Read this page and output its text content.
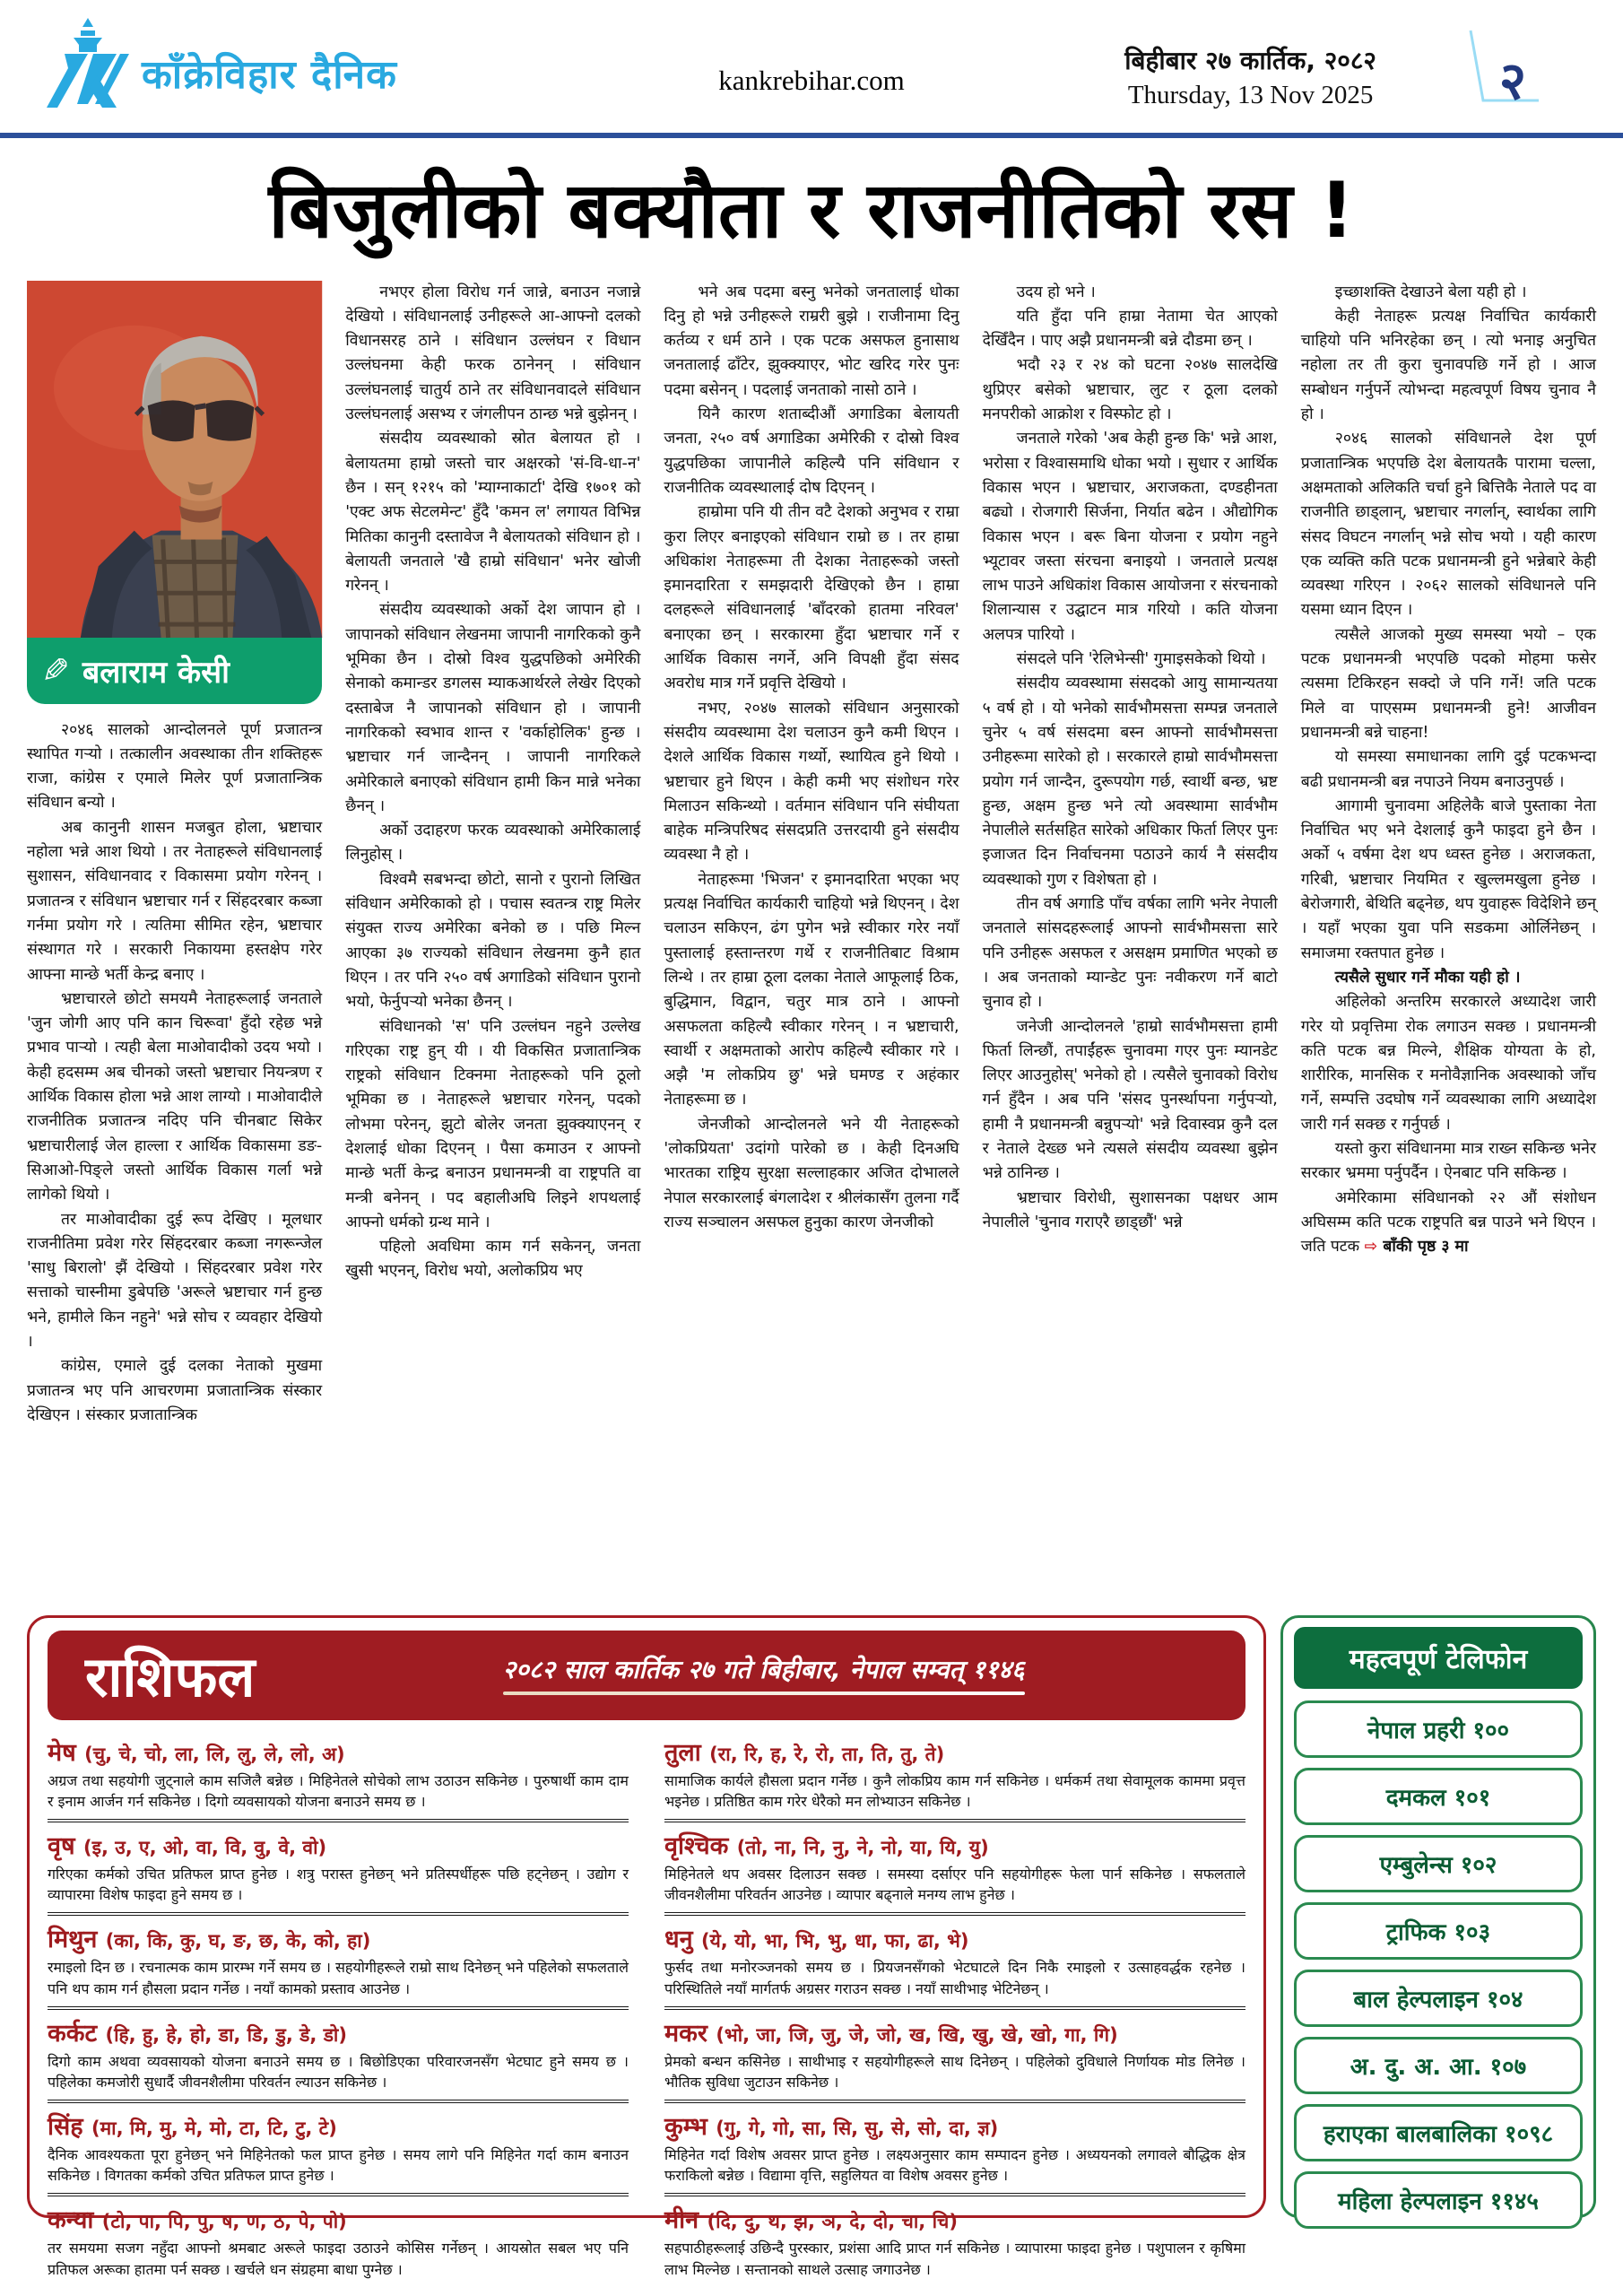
काँक्रेविहार दैनिक	kankrebihar.com
बिहीबार २७ कार्तिक, २०८२
Thursday, 13 Nov 2025 २
बिजुलीको बक्यौता र राजनीतिको रस !
✎ बलाराम केसी

२०४६ सालको आन्दोलनले पूर्ण प्रजातन्त्र स्थापित गऱ्यो । तत्कालीन अवस्थाका तीन शक्तिहरू राजा, कांग्रेस र एमाले मिलेर पूर्ण प्रजातान्त्रिक संविधान बन्यो ।

अब कानुनी शासन मजबुत होला, भ्रष्टाचार नहोला भन्ने आश थियो । तर नेताहरूले संविधानलाई सुशासन, संविधानवाद र विकासमा प्रयोग गरेनन् । प्रजातन्त्र र संविधान भ्रष्टाचार गर्न र सिंहदरबार कब्जा गर्नमा प्रयोग गरे । त्यतिमा सीमित रहेन, भ्रष्टाचार संस्थागत गरे । सरकारी निकायमा हस्तक्षेप गरेर आफ्ना मान्छे भर्ती केन्द्र बनाए ।

भ्रष्टाचारले छोटो समयमै नेताहरूलाई जनताले 'जुन जोगी आए पनि कान चिरूवा' हुँदो रहेछ भन्ने प्रभाव पाऱ्यो । त्यही बेला माओवादीको उदय भयो । केही हदसम्म अब चीनको जस्तो भ्रष्टाचार नियन्त्रण र आर्थिक विकास होला भन्ने आश लाग्यो । माओवादीले राजनीतिक प्रजातन्त्र नदिए पनि चीनबाट सिकेर भ्रष्टाचारीलाई जेल हाल्ला र आर्थिक विकासमा डङ-सिआओ-पिङ्ले जस्तो आर्थिक विकास गर्ला भन्ने लागेको थियो ।

तर माओवादीका दुई रूप देखिए । मूलधार राजनीतिमा प्रवेश गरेर सिंहदरबार कब्जा नगरून्जेल 'साधु बिरालो' झैं देखियो । सिंहदरबार प्रवेश गरेर सत्ताको चास्नीमा डुबेपछि 'अरूले भ्रष्टाचार गर्न हुन्छ भने, हामीले किन नहुने' भन्ने सोच र व्यवहार देखियो ।

कांग्रेस, एमाले दुई दलका नेताको मुखमा प्रजातन्त्र भए पनि आचरणमा प्रजातान्त्रिक संस्कार देखिएन । संस्कार प्रजातान्त्रिक

नभएर होला विरोध गर्न जान्ने, बनाउन नजान्ने देखियो । संविधानलाई उनीहरूले आ-आफ्नो दलको विधानसरह ठाने । संविधान उल्लंघन र विधान उल्लंघनमा केही फरक ठानेनन् । संविधान उल्लंघनलाई चातुर्य ठाने तर संविधानवादले संविधान उल्लंघनलाई असभ्य र जंगलीपन ठान्छ भन्ने बुझेनन् ।

संसदीय व्यवस्थाको स्रोत बेलायत हो । बेलायतमा हाम्रो जस्तो चार अक्षरको 'सं-वि-धा-न' छैन । सन् १२१५ को 'म्याग्नाकार्टा' देखि १७०१ को 'एक्ट अफ सेटलमेन्ट' हुँदै 'कमन ल' लगायत विभिन्न मितिका कानुनी दस्तावेज नै बेलायतको संविधान हो । बेलायती जनताले 'खै हाम्रो संविधान' भनेर खोजी गरेनन् ।

संसदीय व्यवस्थाको अर्को देश जापान हो । जापानको संविधान लेखनमा जापानी नागरिकको कुनै भूमिका छैन । दोस्रो विश्व युद्धपछिको अमेरिकी सेनाको कमान्डर डगलस म्याकआर्थरले लेखेर दिएको दस्ताबेज नै जापानको संविधान हो । जापानी नागरिकको स्वभाव शान्त र 'वर्काहोलिक' हुन्छ । भ्रष्टाचार गर्न जान्दैनन् । जापानी नागरिकले अमेरिकाले बनाएको संविधान हामी किन मान्ने भनेका छैनन् ।

अर्को उदाहरण फरक व्यवस्थाको अमेरिकालाई लिनुहोस् ।

विश्वमै सबभन्दा छोटो, सानो र पुरानो लिखित संविधान अमेरिकाको हो । पचास स्वतन्त्र राष्ट्र मिलेर संयुक्त राज्य अमेरिका बनेको छ । पछि मिल्न आएका ३७ राज्यको संविधान लेखनमा कुनै हात थिएन । तर पनि २५० वर्ष अगाडिको संविधान पुरानो भयो, फेर्नुपऱ्यो भनेका छैनन् ।

संविधानको 'स' पनि उल्लंघन नहुने उल्लेख गरिएका राष्ट्र हुन् यी । यी विकसित प्रजातान्त्रिक राष्ट्रको संविधान टिक्नमा नेताहरूको पनि ठूलो भूमिका छ । नेताहरूले भ्रष्टाचार गरेनन्, पदको लोभमा परेनन्, झुटो बोलेर जनता झुक्क्याएनन् र देशलाई धोका दिएनन् । पैसा कमाउन र आफ्नो मान्छे भर्ती केन्द्र बनाउन प्रधानमन्त्री वा राष्ट्रपति वा मन्त्री बनेनन् । पद बहालीअघि लिइने शपथलाई आफ्नो धर्मको ग्रन्थ माने ।

पहिलो अवधिमा काम गर्न सकेनन्, जनता खुसी भएनन्, विरोध भयो, अलोकप्रिय भए

भने अब पदमा बस्नु भनेको जनतालाई धोका दिनु हो भन्ने उनीहरूले राम्ररी बुझे । राजीनामा दिनु कर्तव्य र धर्म ठाने । एक पटक असफल हुनासाथ जनतालाई ढाँटेर, झुक्क्याएर, भोट खरिद गरेर पुनः पदमा बसेनन् । पदलाई जनताको नासो ठाने ।

यिनै कारण शताब्दीऔं अगाडिका बेलायती जनता, २५० वर्ष अगाडिका अमेरिकी र दोस्रो विश्व युद्धपछिका जापानीले कहिल्यै पनि संविधान र राजनीतिक व्यवस्थालाई दोष दिएनन् ।

हाम्रोमा पनि यी तीन वटै देशको अनुभव र राम्रा कुरा लिएर बनाइएको संविधान राम्रो छ । तर हाम्रा अधिकांश नेताहरूमा ती देशका नेताहरूको जस्तो इमानदारिता र समझदारी देखिएको छैन । हाम्रा दलहरूले संविधानलाई 'बाँदरको हातमा नरिवल' बनाएका छन् । सरकारमा हुँदा भ्रष्टाचार गर्ने र आर्थिक विकास नगर्ने, अनि विपक्षी हुँदा संसद अवरोध मात्र गर्ने प्रवृत्ति देखियो ।

नभए, २०४७ सालको संविधान अनुसारको संसदीय व्यवस्थामा देश चलाउन कुनै कमी थिएन । देशले आर्थिक विकास गर्थ्यो, स्थायित्व हुने थियो । भ्रष्टाचार हुने थिएन । केही कमी भए संशोधन गरेर मिलाउन सकिन्थ्यो । वर्तमान संविधान पनि संघीयता बाहेक मन्त्रिपरिषद संसदप्रति उत्तरदायी हुने संसदीय व्यवस्था नै हो ।

नेताहरूमा 'भिजन' र इमानदारिता भएका भए प्रत्यक्ष निर्वाचित कार्यकारी चाहियो भन्ने थिएनन् । देश चलाउन सकिएन, ढंग पुगेन भन्ने स्वीकार गरेर नयाँ पुस्तालाई हस्तान्तरण गर्थे र राजनीतिबाट विश्राम लिन्थे । तर हाम्रा ठूला दलका नेताले आफूलाई ठिक, बुद्धिमान, विद्वान, चतुर मात्र ठाने । आफ्नो असफलता कहिल्यै स्वीकार गरेनन् । न भ्रष्टाचारी, स्वार्थी र अक्षमताको आरोप कहिल्यै स्वीकार गरे । अझै 'म लोकप्रिय छु' भन्ने घमण्ड र अहंकार नेताहरूमा छ ।

जेनजीको आन्दोलनले भने यी नेताहरूको 'लोकप्रियता' उदांगो पारेको छ । केही दिनअघि भारतका राष्ट्रिय सुरक्षा सल्लाहकार अजित दोभालले नेपाल सरकारलाई बंगलादेश र श्रीलंकासँग तुलना गर्दै राज्य सञ्चालन असफल हुनुका कारण जेनजीको

उदय हो भने ।

यति हुँदा पनि हाम्रा नेतामा चेत आएको देखिँदैन । पाए अझै प्रधानमन्त्री बन्ने दौडमा छन् ।

भदौ २३ र २४ को घटना २०४७ सालदेखि थुप्रिएर बसेको भ्रष्टाचार, लुट र ठूला दलको मनपरीको आक्रोश र विस्फोट हो ।

जनताले गरेको 'अब केही हुन्छ कि' भन्ने आश, भरोसा र विश्वासमाथि धोका भयो । सुधार र आर्थिक विकास भएन । भ्रष्टाचार, अराजकता, दण्डहीनता बढ्यो । रोजगारी सिर्जना, निर्यात बढेन । औद्योगिक विकास भएन । बरू बिना योजना र प्रयोग नहुने भ्यूटावर जस्ता संरचना बनाइयो । जनताले प्रत्यक्ष लाभ पाउने अधिकांश विकास आयोजना र संरचनाको शिलान्यास र उद्घाटन मात्र गरियो । कति योजना अलपत्र पारियो ।

संसदले पनि 'रेलिभेन्सी' गुमाइसकेको थियो ।

संसदीय व्यवस्थामा संसदको आयु सामान्यतया ५ वर्ष हो । यो भनेको सार्वभौमसत्ता सम्पन्न जनताले चुनेर ५ वर्ष संसदमा बस्न आफ्नो सार्वभौमसत्ता उनीहरूमा सारेको हो । सरकारले हाम्रो सार्वभौमसत्ता प्रयोग गर्न जान्दैन, दुरूपयोग गर्छ, स्वार्थी बन्छ, भ्रष्ट हुन्छ, अक्षम हुन्छ भने त्यो अवस्थामा सार्वभौम नेपालीले सर्तसहित सारेको अधिकार फिर्ता लिएर पुनः इजाजत दिन निर्वाचनमा पठाउने कार्य नै संसदीय व्यवस्थाको गुण र विशेषता हो ।

तीन वर्ष अगाडि पाँच वर्षका लागि भनेर नेपाली जनताले सांसदहरूलाई आफ्नो सार्वभौमसत्ता सारे पनि उनीहरू असफल र असक्षम प्रमाणित भएको छ । अब जनताको म्यान्डेट पुनः नवीकरण गर्ने बाटो चुनाव हो ।

जनेजी आन्दोलनले 'हाम्रो सार्वभौमसत्ता हामी फिर्ता लिन्छौं, तपाईंहरू चुनावमा गएर पुनः म्यानडेट लिएर आउनुहोस्' भनेको हो । त्यसैले चुनावको विरोध गर्न हुँदैन । अब पनि 'संसद पुनर्स्थापना गर्नुपऱ्यो, हामी नै प्रधानमन्त्री बन्नुपऱ्यो' भन्ने दिवास्वप्न कुनै दल र नेताले देख्छ भने त्यसले संसदीय व्यवस्था बुझेन भन्ने ठानिन्छ ।

भ्रष्टाचार विरोधी, सुशासनका पक्षधर आम नेपालीले 'चुनाव गराएरै छाड्छौं' भन्ने

इच्छाशक्ति देखाउने बेला यही हो ।

केही नेताहरू प्रत्यक्ष निर्वाचित कार्यकारी चाहियो पनि भनिरहेका छन् । त्यो भनाइ अनुचित नहोला तर ती कुरा चुनावपछि गर्ने हो । आज सम्बोधन गर्नुपर्ने त्योभन्दा महत्वपूर्ण विषय चुनाव नै हो ।

२०४६ सालको संविधानले देश पूर्ण प्रजातान्त्रिक भएपछि देश बेलायतकै पारामा चल्ला, अक्षमताको अलिकति चर्चा हुने बित्तिकै नेताले पद वा राजनीति छाड्लान्, भ्रष्टाचार नगर्लान्, स्वार्थका लागि संसद विघटन नगर्लान् भन्ने सोच भयो । यही कारण एक व्यक्ति कति पटक प्रधानमन्त्री हुने भन्नेबारे केही व्यवस्था गरिएन । २०६२ सालको संविधानले पनि यसमा ध्यान दिएन ।

त्यसैले आजको मुख्य समस्या भयो – एक पटक प्रधानमन्त्री भएपछि पदको मोहमा फसेर त्यसमा टिकिरहन सक्दो जे पनि गर्ने! जति पटक मिले वा पाएसम्म प्रधानमन्त्री हुने! आजीवन प्रधानमन्त्री बन्ने चाहना!

यो समस्या समाधानका लागि दुई पटकभन्दा बढी प्रधानमन्त्री बन्न नपाउने नियम बनाउनुपर्छ ।

आगामी चुनावमा अहिलेकै बाजे पुस्ताका नेता निर्वाचित भए भने देशलाई कुनै फाइदा हुने छैन । अर्को ५ वर्षमा देश थप ध्वस्त हुनेछ । अराजकता, गरिबी, भ्रष्टाचार नियमित र खुल्लमखुला हुनेछ । बेरोजगारी, बेथिति बढ्नेछ, थप युवाहरू विदेशिने छन् । यहाँ भएका युवा पनि सडकमा ओर्लिनेछन् । समाजमा रक्तपात हुनेछ ।

त्यसैले सुधार गर्ने मौका यही हो ।

अहिलेको अन्तरिम सरकारले अध्यादेश जारी गरेर यो प्रवृत्तिमा रोक लगाउन सक्छ । प्रधानमन्त्री कति पटक बन्न मिल्ने, शैक्षिक योग्यता के हो, शारीरिक, मानसिक र मनोवैज्ञानिक अवस्थाको जाँच गर्ने, सम्पत्ति उदघोष गर्ने व्यवस्थाका लागि अध्यादेश जारी गर्न सक्छ र गर्नुपर्छ ।

यस्तो कुरा संविधानमा मात्र राख्न सकिन्छ भनेर सरकार भ्रममा पर्नुपर्दैन । ऐनबाट पनि सकिन्छ ।

अमेरिकामा संविधानको २२ औं संशोधन अघिसम्म कति पटक राष्ट्रपति बन्न पाउने भने थिएन । जति पटक ⇨ बाँकी पृष्ठ ३ मा

राशिफल	२०८२ साल कार्तिक २७ गते बिहीबार, नेपाल सम्वत् ११४६
मेष (चु, चे, चो, ला, लि, लु, ले, लो, अ)
अग्रज तथा सहयोगी जुट्नाले काम सजिलै बन्नेछ । मिहिनेतले सोचेको लाभ उठाउन सकिनेछ । पुरुषार्थी काम दाम र इनाम आर्जन गर्न सकिनेछ । दिगो व्यवसायको योजना बनाउने समय छ ।
तुला (रा, रि, ह, रे, रो, ता, ति, तु, ते)
सामाजिक कार्यले हौसला प्रदान गर्नेछ । कुनै लोकप्रिय काम गर्न सकिनेछ । धर्मकर्म तथा सेवामूलक काममा प्रवृत्त भइनेछ । प्रतिष्ठित काम गरेर धेरैको मन लोभ्याउन सकिनेछ ।
वृष (इ, उ, ए, ओ, वा, वि, वु, वे, वो)
गरिएका कर्मको उचित प्रतिफल प्राप्त हुनेछ । शत्रु परास्त हुनेछन् भने प्रतिस्पर्धीहरू पछि हट्नेछन् । उद्योग र व्यापारमा विशेष फाइदा हुने समय छ ।
वृश्चिक (तो, ना, नि, नु, ने, नो, या, यि, यु)
मिहिनेतले थप अवसर दिलाउन सक्छ । समस्या दर्साएर पनि सहयोगीहरू फेला पार्न सकिनेछ । सफलताले जीवनशैलीमा परिवर्तन आउनेछ । व्यापार बढ्नाले मनग्य लाभ हुनेछ ।
मिथुन (का, कि, कु, घ, ङ, छ, के, को, हा)
रमाइलो दिन छ । रचनात्मक काम प्रारम्भ गर्ने समय छ । सहयोगीहरूले राम्रो साथ दिनेछन् भने पहिलेको सफलताले पनि थप काम गर्न हौसला प्रदान गर्नेछ । नयाँ कामको प्रस्ताव आउनेछ ।
धनु (ये, यो, भा, भि, भु, धा, फा, ढा, भे)
फुर्सद तथा मनोरञ्जनको समय छ । प्रियजनसँगको भेटघाटले दिन निकै रमाइलो र उत्साहवर्द्धक रहनेछ । परिस्थितिले नयाँ मार्गतर्फ अग्रसर गराउन सक्छ । नयाँ साथीभाइ भेटिनेछन् ।
कर्कट (हि, हु, हे, हो, डा, डि, डु, डे, डो)
दिगो काम अथवा व्यवसायको योजना बनाउने समय छ । बिछोडिएका परिवारजनसँग भेटघाट हुने समय छ । पहिलेका कमजोरी सुधार्दै जीवनशैलीमा परिवर्तन ल्याउन सकिनेछ ।
मकर (भो, जा, जि, जु, जे, जो, ख, खि, खु, खे, खो, गा, गि)
प्रेमको बन्धन कसिनेछ । साथीभाइ र सहयोगीहरूले साथ दिनेछन् । पहिलेको दुविधाले निर्णायक मोड लिनेछ । भौतिक सुविधा जुटाउन सकिनेछ ।
सिंह (मा, मि, मु, मे, मो, टा, टि, टु, टे)
दैनिक आवश्यकता पूरा हुनेछन् भने मिहिनेतको फल प्राप्त हुनेछ । समय लागे पनि मिहिनेत गर्दा काम बनाउन सकिनेछ । विगतका कर्मको उचित प्रतिफल प्राप्त हुनेछ ।
कुम्भ (गु, गे, गो, सा, सि, सु, से, सो, दा, ज्ञ)
मिहिनेत गर्दा विशेष अवसर प्राप्त हुनेछ । लक्ष्यअनुसार काम सम्पादन हुनेछ । अध्ययनको लगावले बौद्धिक क्षेत्र फराकिलो बन्नेछ । विद्यामा वृत्ति, सहुलियत वा विशेष अवसर हुनेछ ।
कन्या (टो, पा, पि, पु, ष, ण, ठ, पे, पो)
तर समयमा सजग नहुँदा आफ्नो श्रमबाट अरूले फाइदा उठाउने कोसिस गर्नेछन् । आयस्रोत सबल भए पनि प्रतिफल अरूका हातमा पर्न सक्छ । खर्चले धन संग्रहमा बाधा पुग्नेछ ।
मीन (दि, दु, थ, झ, ञ, दे, दो, चा, चि)
सहपाठीहरूलाई उछिन्दै पुरस्कार, प्रशंसा आदि प्राप्त गर्न सकिनेछ । व्यापारमा फाइदा हुनेछ । पशुपालन र कृषिमा लाभ मिल्नेछ । सन्तानको साथले उत्साह जगाउनेछ ।
महत्वपूर्ण टेलिफोन
नेपाल प्रहरी १००
दमकल १०१
एम्बुलेन्स १०२
ट्राफिक १०३
बाल हेल्पलाइन १०४
अ. दु. अ. आ. १०७
हराएका बालबालिका १०९८
महिला हेल्पलाइन ११४५
